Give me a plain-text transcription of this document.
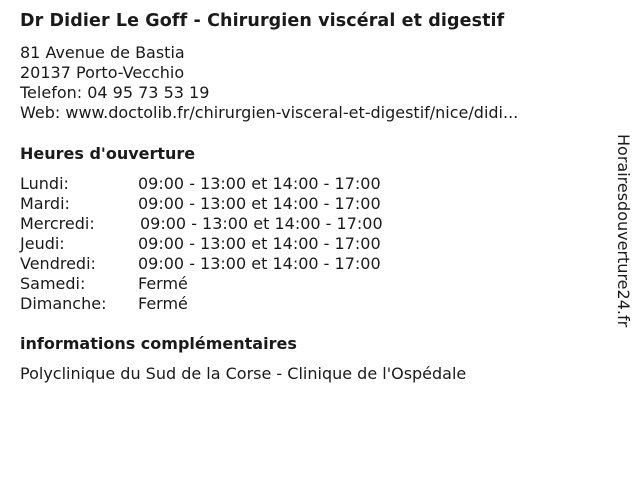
Dr Didier Le Goff - Chirurgien viscéral et digestif
81 Avenue de Bastia
20137 Porto-Vecchio
Telefon: 04 95 73 53 19
Web: www.doctolib.fr/chirurgien-visceral-et-digestif/nice/didi...
Heures d'ouverture
Lundi:	09:00 - 13:00 et 14:00 - 17:00
Mardi:	09:00 - 13:00 et 14:00 - 17:00
Mercredi:	09:00 - 13:00 et 14:00 - 17:00
Jeudi:	09:00 - 13:00 et 14:00 - 17:00
Vendredi:	09:00 - 13:00 et 14:00 - 17:00
Samedi:	Fermé
Dimanche: Fermé
informations complémentaires
Polyclinique du Sud de la Corse - Clinique de l'Ospédale
Horairesdouverture24.fr
